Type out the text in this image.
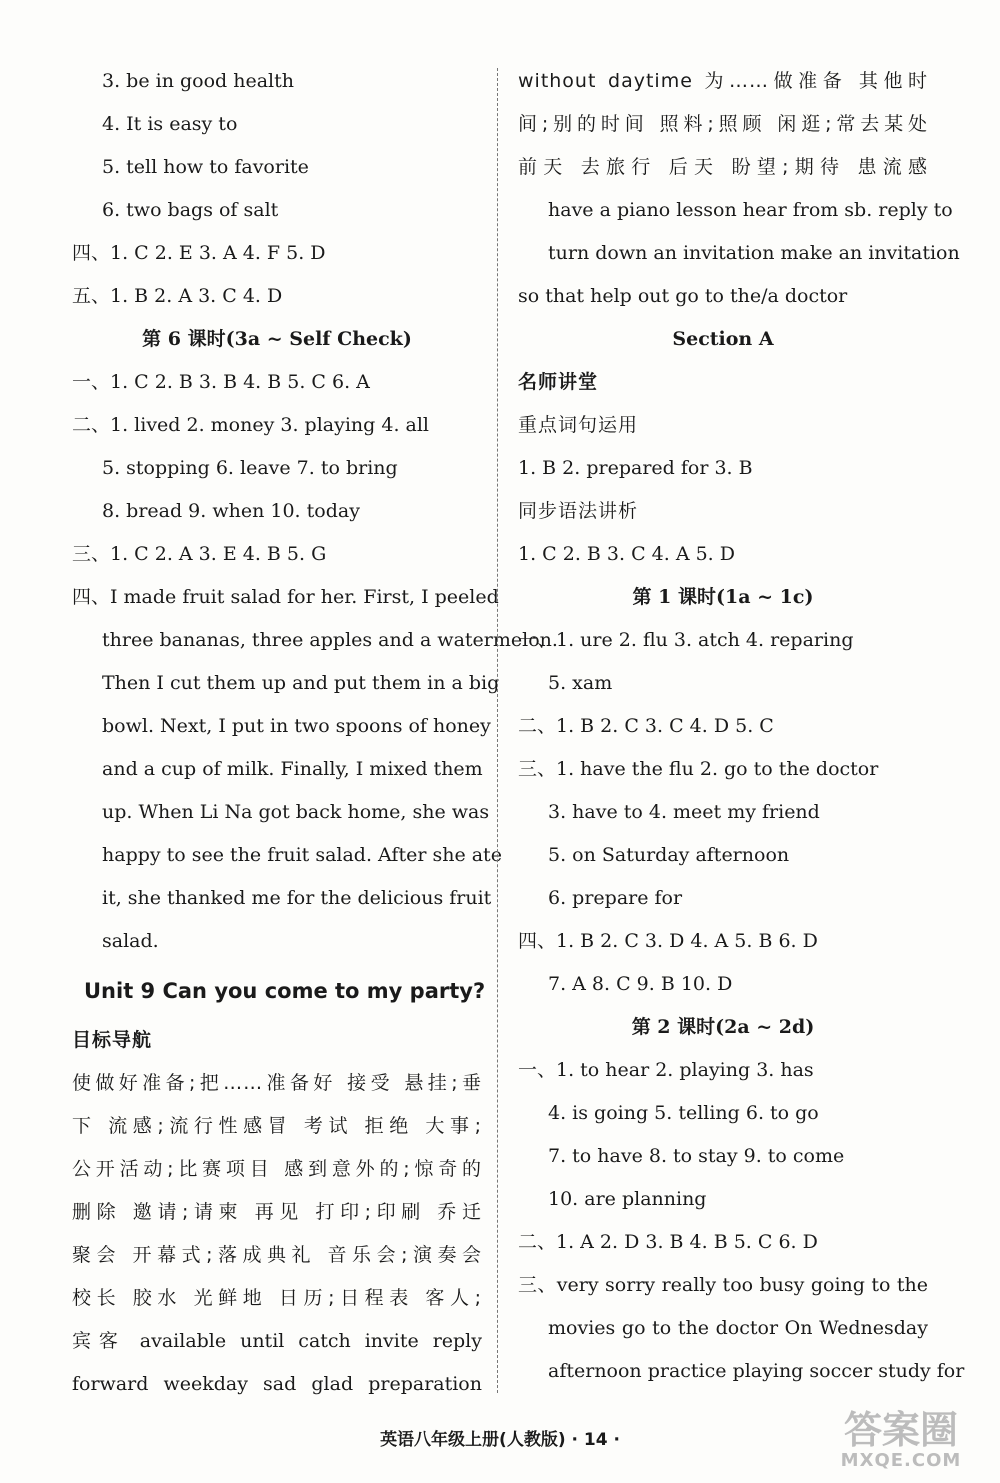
3. be in good health
4. It is easy to
5. tell how to favorite
6. two bags of salt
四、1. C 2. E 3. A 4. F 5. D
五、1. B 2. A 3. C 4. D
第 6 课时(3a ~ Self Check)
一、1. C 2. B 3. B 4. B 5. C 6. A
二、1. lived 2. money 3. playing 4. all
5. stopping 6. leave 7. to bring
8. bread 9. when 10. today
三、1. C 2. A 3. E 4. B 5. G
四、I made fruit salad for her. First, I peeled
three bananas, three apples and a watermelon.
Then I cut them up and put them in a big
bowl. Next, I put in two spoons of honey
and a cup of milk. Finally, I mixed them
up. When Li Na got back home, she was
happy to see the fruit salad. After she ate
it, she thanked me for the delicious fruit
salad.
Unit 9 Can you come to my party?
目标导航
使做好准备;把……准备好 接受 悬挂;垂
下 流感;流行性感冒 考试 拒绝 大事;
公开活动;比赛项目 感到意外的;惊奇的
删除 邀请;请柬 再见 打印;印刷 乔迁
聚会 开幕式;落成典礼 音乐会;演奏会
校长 胶水 光鲜地 日历;日程表 客人;
宾客 available until catch invite reply
forward weekday sad glad preparation
without daytime 为……做准备 其他时
间;别的时间 照料;照顾 闲逛;常去某处
前天 去旅行 后天 盼望;期待 患流感
have a piano lesson hear from sb. reply to
turn down an invitation make an invitation
so that help out go to the/a doctor
Section A
名师讲堂
重点词句运用
1. B 2. prepared for 3. B
同步语法讲析
1. C 2. B 3. C 4. A 5. D
第 1 课时(1a ~ 1c)
一、1. ure 2. flu 3. atch 4. reparing
5. xam
二、1. B 2. C 3. C 4. D 5. C
三、1. have the flu 2. go to the doctor
3. have to 4. meet my friend
5. on Saturday afternoon
6. prepare for
四、1. B 2. C 3. D 4. A 5. B 6. D
7. A 8. C 9. B 10. D
第 2 课时(2a ~ 2d)
一、1. to hear 2. playing 3. has
4. is going 5. telling 6. to go
7. to have 8. to stay 9. to come
10. are planning
二、1. A 2. D 3. B 4. B 5. C 6. D
三、very sorry really too busy going to the
movies go to the doctor On Wednesday
afternoon practice playing soccer study for
英语八年级上册(人教版) · 14 ·	答案圈
MXQE.COM
